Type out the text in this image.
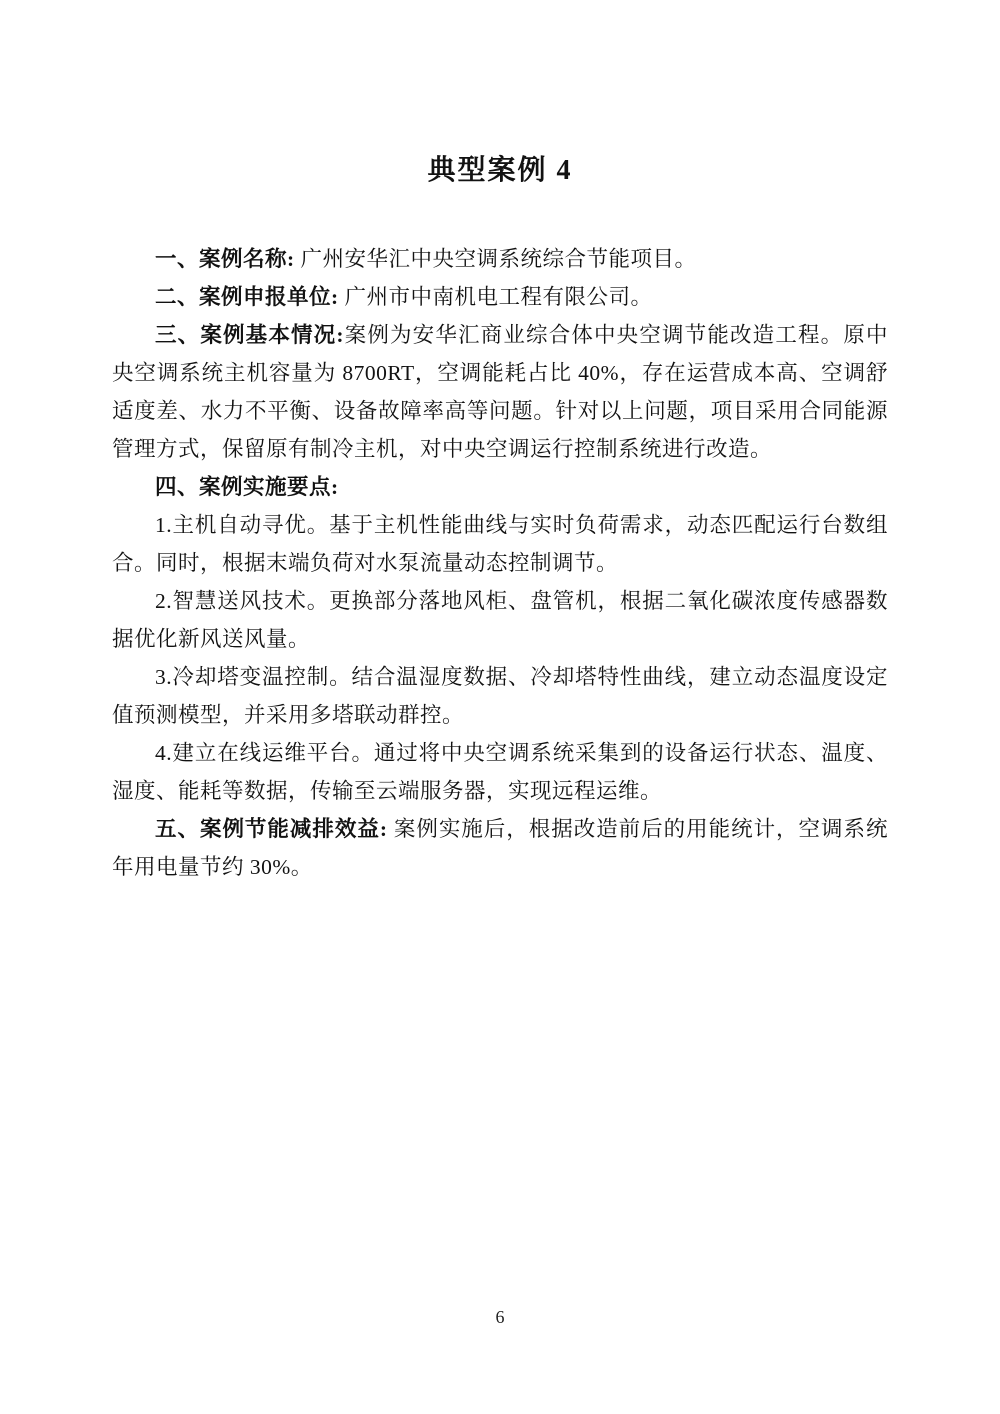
典型案例 4

一、案例名称: 广州安华汇中央空调系统综合节能项目。

二、案例申报单位: 广州市中南机电工程有限公司。

三、案例基本情况:案例为安华汇商业综合体中央空调节能改造工程。原中央空调系统主机容量为 8700RT，空调能耗占比 40%，存在运营成本高、空调舒适度差、水力不平衡、设备故障率高等问题。针对以上问题，项目采用合同能源管理方式，保留原有制冷主机，对中央空调运行控制系统进行改造。

四、案例实施要点:

1.主机自动寻优。基于主机性能曲线与实时负荷需求，动态匹配运行台数组合。同时，根据末端负荷对水泵流量动态控制调节。

2.智慧送风技术。更换部分落地风柜、盘管机，根据二氧化碳浓度传感器数据优化新风送风量。

3.冷却塔变温控制。结合温湿度数据、冷却塔特性曲线，建立动态温度设定值预测模型，并采用多塔联动群控。

4.建立在线运维平台。通过将中央空调系统采集到的设备运行状态、温度、湿度、能耗等数据，传输至云端服务器，实现远程运维。

五、案例节能减排效益: 案例实施后，根据改造前后的用能统计，空调系统年用电量节约 30%。

6
